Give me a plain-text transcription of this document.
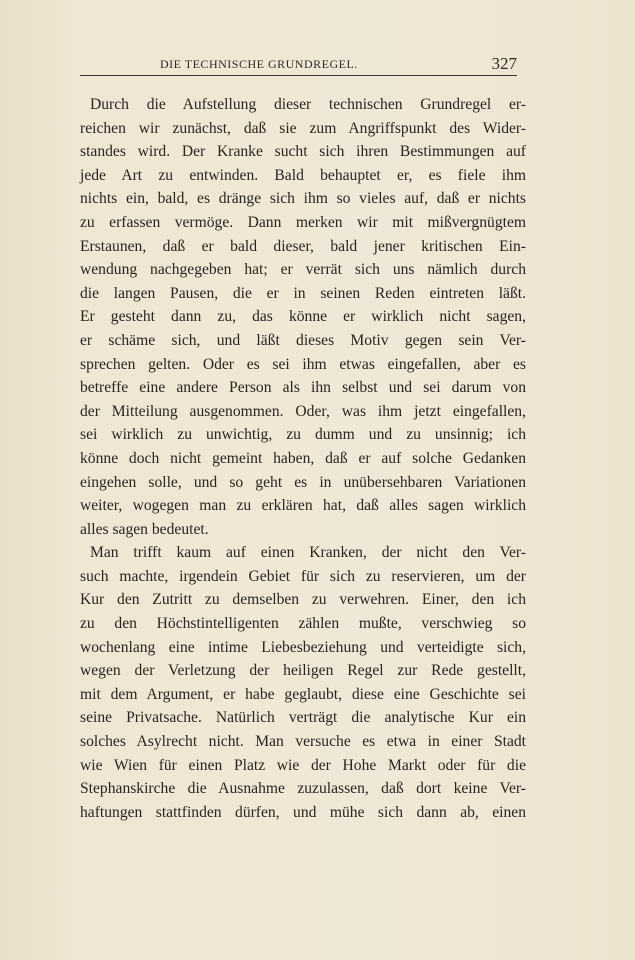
DIE TECHNISCHE GRUNDREGEL.	327
Durch die Aufstellung dieser technischen Grundregel er-
reichen wir zunächst, daß sie zum Angriffspunkt des Wider-
standes wird. Der Kranke sucht sich ihren Bestimmungen auf
jede Art zu entwinden. Bald behauptet er, es fiele ihm
nichts ein, bald, es dränge sich ihm so vieles auf, daß er nichts
zu erfassen vermöge. Dann merken wir mit mißvergnügtem
Erstaunen, daß er bald dieser, bald jener kritischen Ein-
wendung nachgegeben hat; er verrät sich uns nämlich durch
die langen Pausen, die er in seinen Reden eintreten läßt.
Er gesteht dann zu, das könne er wirklich nicht sagen,
er schäme sich, und läßt dieses Motiv gegen sein Ver-
sprechen gelten. Oder es sei ihm etwas eingefallen, aber es
betreffe eine andere Person als ihn selbst und sei darum von
der Mitteilung ausgenommen. Oder, was ihm jetzt eingefallen,
sei wirklich zu unwichtig, zu dumm und zu unsinnig; ich
könne doch nicht gemeint haben, daß er auf solche Gedanken
eingehen solle, und so geht es in unübersehbaren Variationen
weiter, wogegen man zu erklären hat, daß alles sagen wirklich
alles sagen bedeutet.
Man trifft kaum auf einen Kranken, der nicht den Ver-
such machte, irgendein Gebiet für sich zu reservieren, um der
Kur den Zutritt zu demselben zu verwehren. Einer, den ich
zu den Höchstintelligenten zählen mußte, verschwieg so
wochenlang eine intime Liebesbeziehung und verteidigte sich,
wegen der Verletzung der heiligen Regel zur Rede gestellt,
mit dem Argument, er habe geglaubt, diese eine Geschichte sei
seine Privatsache. Natürlich verträgt die analytische Kur ein
solches Asylrecht nicht. Man versuche es etwa in einer Stadt
wie Wien für einen Platz wie der Hohe Markt oder für die
Stephanskirche die Ausnahme zuzulassen, daß dort keine Ver-
haftungen stattfinden dürfen, und mühe sich dann ab, einen
